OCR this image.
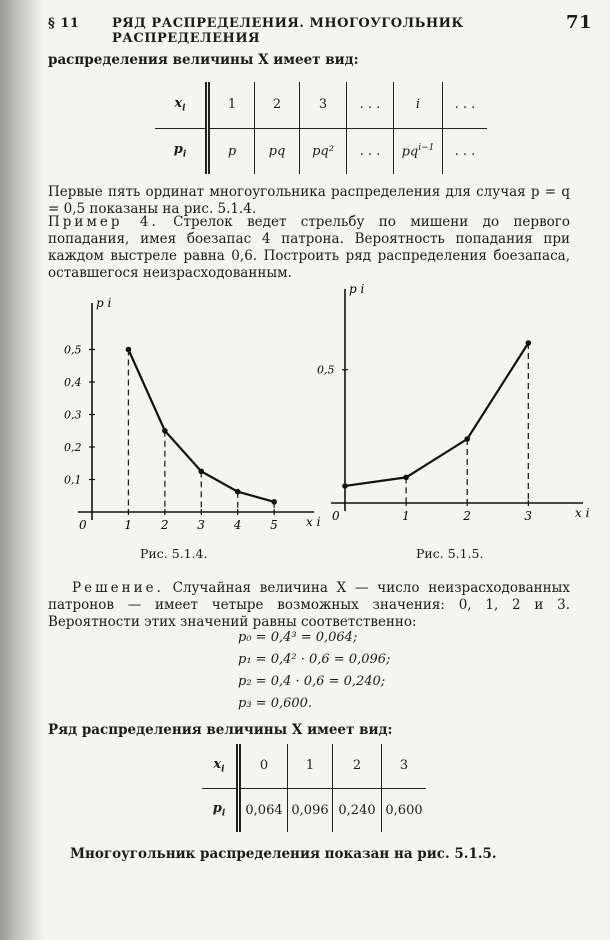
§ 11	РЯД РАСПРЕДЕЛЕНИЯ. МНОГОУГОЛЬНИК РАСПРЕДЕЛЕНИЯ
71
распределения величины X имеет вид:
$x_i$	1	2	3	. . .	i	. . .
$p_i$	p	pq	pq²	. . .	$pq^{i-1}$	. . .
Первые пять ординат многоугольника распределения для случая p = q = 0,5 показаны на рис. 5.1.4.
Пример 4. Стрелок ведет стрельбу по мишени до первого попадания, имея боезапас 4 патрона. Вероятность попадания при каждом выстреле равна 0,6. Построить ряд распределения боезапаса, оставшегося неизрасходованным.
p i
x i
0	1 2 3 4 5
0,1
0,2
0,3
0,4
0,5
p i
x i
0	1	2	3
0,5
Рис. 5.1.4.	Рис. 5.1.5.
Решение. Случайная величина X — число неизрасходованных патронов — имеет четыре возможных значения: 0, 1, 2 и 3. Вероятности этих значений равны соответственно:
p₀ = 0,4³ = 0,064;
p₁ = 0,4² · 0,6 = 0,096;
p₂ = 0,4 · 0,6 = 0,240;
p₃ = 0,600.
Ряд распределения величины X имеет вид:
$x_i$	0	1	2	3
$p_i$	0,064	0,096	0,240	0,600
Многоугольник распределения показан на рис. 5.1.5.
